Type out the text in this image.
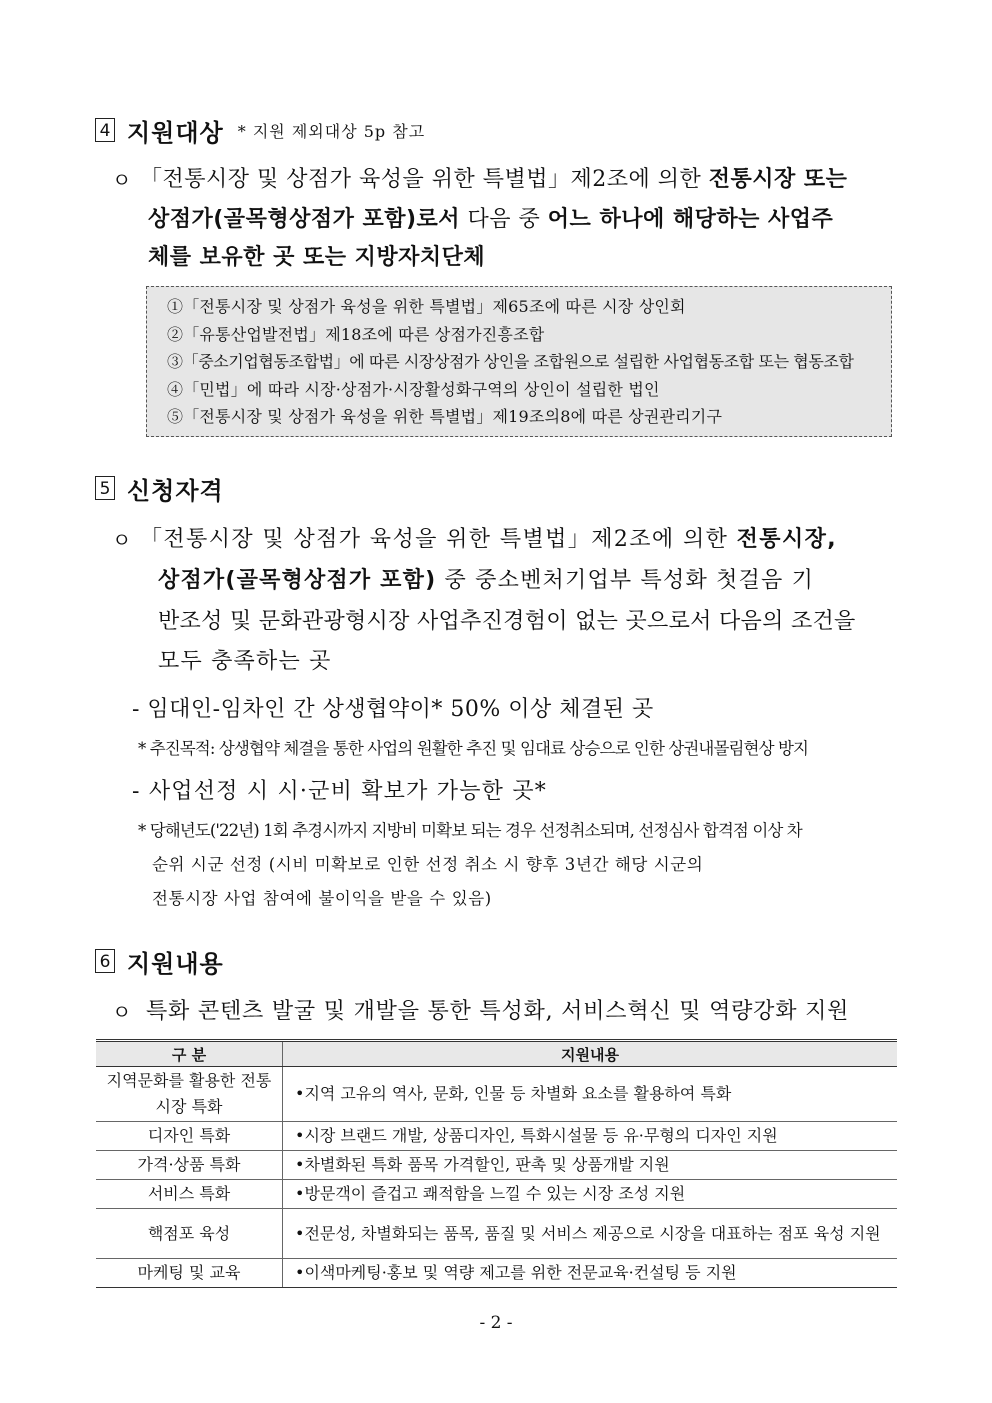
4 지원대상 * 지원 제외대상 5p 참고
ㅇ 「전통시장 및 상점가 육성을 위한 특별법」제2조에 의한 전통시장 또는
상점가(골목형상점가 포함)로서 다음 중 어느 하나에 해당하는 사업주
체를 보유한 곳 또는 지방자치단체
①「전통시장 및 상점가 육성을 위한 특별법」제65조에 따른 시장 상인회
②「유통산업발전법」제18조에 따른 상점가진흥조합
③「중소기업협동조합법」에 따른 시장상점가 상인을 조합원으로 설립한 사업협동조합 또는 협동조합
④「민법」에 따라 시장·상점가·시장활성화구역의 상인이 설립한 법인
⑤「전통시장 및 상점가 육성을 위한 특별법」제19조의8에 따른 상권관리기구
5 신청자격
ㅇ 「전통시장 및 상점가 육성을 위한 특별법」제2조에 의한 전통시장,
상점가(골목형상점가 포함) 중 중소벤처기업부 특성화 첫걸음 기
반조성 및 문화관광형시장 사업추진경험이 없는 곳으로서 다음의 조건을
모두 충족하는 곳
- 임대인-임차인 간 상생협약이* 50% 이상 체결된 곳
* 추진목적: 상생협약 체결을 통한 사업의 원활한 추진 및 임대료 상승으로 인한 상권내몰림현상 방지
- 사업선정 시 시·군비 확보가 가능한 곳*
* 당해년도('22년) 1회 추경시까지 지방비 미확보 되는 경우 선정취소되며, 선정심사 합격점 이상 차
순위 시군 선정 (시비 미확보로 인한 선정 취소 시 향후 3년간 해당 시군의
전통시장 사업 참여에 불이익을 받을 수 있음)
6 지원내용
ㅇ 특화 콘텐츠 발굴 및 개발을 통한 특성화, 서비스혁신 및 역량강화 지원
구 분	지원내용
지역문화를 활용한 전통시장 특화	•지역 고유의 역사, 문화, 인물 등 차별화 요소를 활용하여 특화
디자인 특화	•시장 브랜드 개발, 상품디자인, 특화시설물 등 유·무형의 디자인 지원
가격·상품 특화	•차별화된 특화 품목 가격할인, 판촉 및 상품개발 지원
서비스 특화	•방문객이 즐겁고 쾌적함을 느낄 수 있는 시장 조성 지원
핵점포 육성	•전문성, 차별화되는 품목, 품질 및 서비스 제공으로 시장을 대표하는 점포 육성 지원
마케팅 및 교육	•이색마케팅·홍보 및 역량 제고를 위한 전문교육·컨설팅 등 지원
- 2 -
